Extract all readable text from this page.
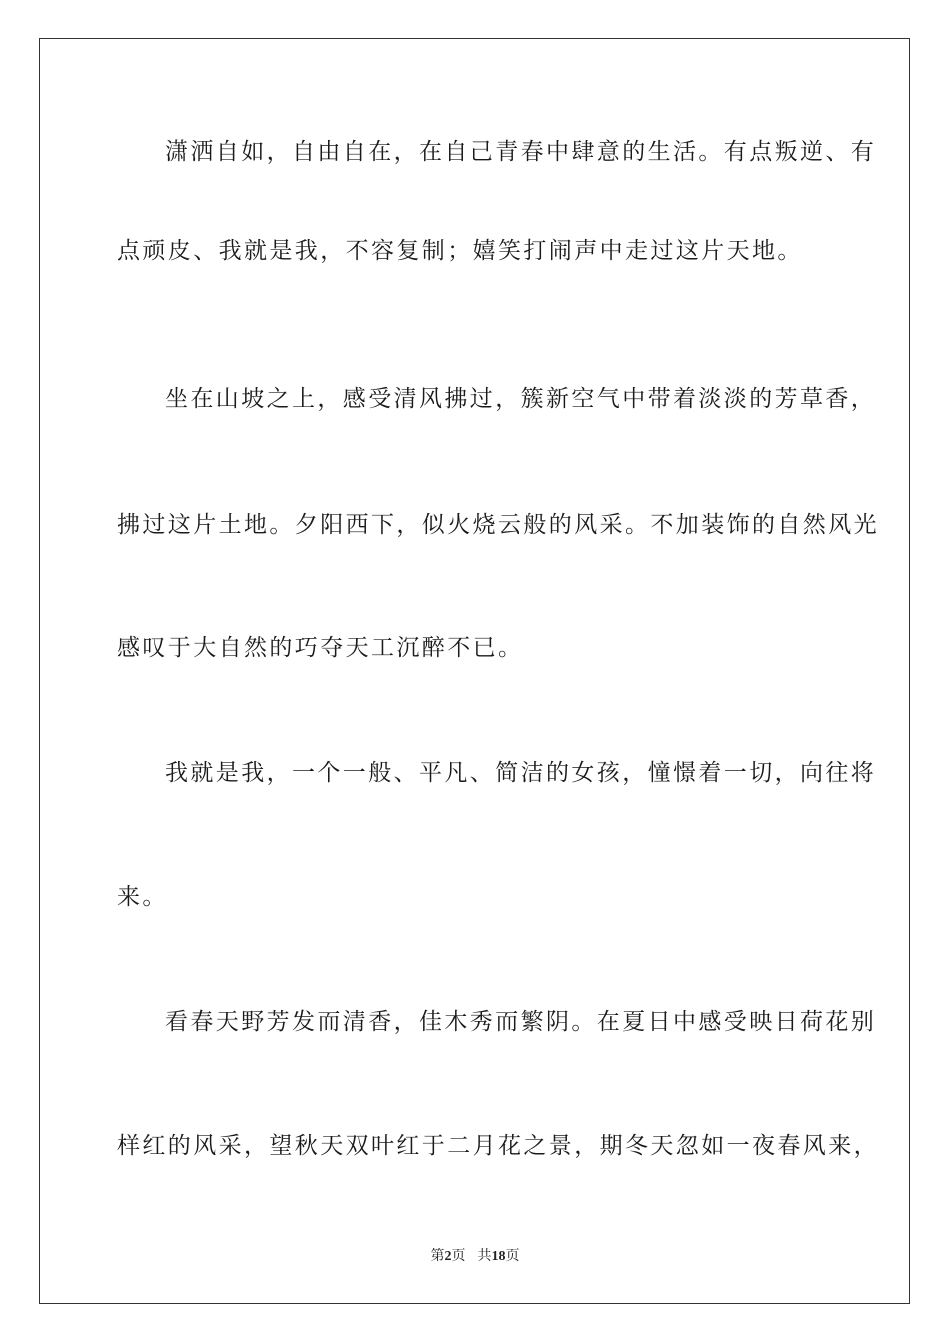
潇洒自如，自由自在，在自己青春中肆意的生活。有点叛逆、有
点顽皮、我就是我，不容复制；嬉笑打闹声中走过这片天地。
坐在山坡之上，感受清风拂过，簇新空气中带着淡淡的芳草香，
拂过这片土地。夕阳西下，似火烧云般的风采。不加装饰的自然风光
感叹于大自然的巧夺天工沉醉不已。
我就是我，一个一般、平凡、简洁的女孩，憧憬着一切，向往将
来。
看春天野芳发而清香，佳木秀而繁阴。在夏日中感受映日荷花别
样红的风采，望秋天双叶红于二月花之景，期冬天忽如一夜春风来，
第2页 共18页
